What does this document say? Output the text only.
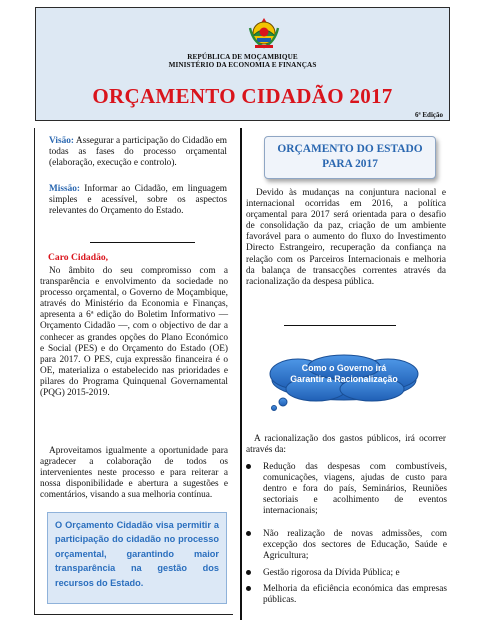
REPÚBLICA DE MOÇAMBIQUE
MINISTÉRIO DA ECONOMIA E FINANÇAS
ORÇAMENTO CIDADÃO 2017
6ª Edição

Visão: Assegurar a participação do Cidadão em todas as fases do processo orçamental (elaboração, execução e controlo).

Missão: Informar ao Cidadão, em linguagem simples e acessível, sobre os aspectos relevantes do Orçamento do Estado.

Caro Cidadão,

No âmbito do seu compromisso com a transparência e envolvimento da sociedade no processo orçamental, o Governo de Moçambique, através do Ministério da Economia e Finanças, apresenta a 6ª edição do Boletim Informativo — Orçamento Cidadão —, com o objectivo de dar a conhecer as grandes opções do Plano Económico e Social (PES) e do Orçamento do Estado (OE) para 2017. O PES, cuja expressão financeira é o OE, materializa o estabelecido nas prioridades e pilares do Programa Quinquenal Governamental (PQG) 2015-2019.

Aproveitamos igualmente a oportunidade para agradecer a colaboração de todos os intervenientes neste processo e para reiterar a nossa disponibilidade e abertura a sugestões e comentários, visando a sua melhoria contínua.

O Orçamento Cidadão visa permitir a participação do cidadão no processo orçamental, garantindo maior transparência na gestão dos recursos do Estado.

ORÇAMENTO DO ESTADO
PARA 2017

Devido às mudanças na conjuntura nacional e internacional ocorridas em 2016, a política orçamental para 2017 será orientada para o desafio de consolidação da paz, criação de um ambiente favorável para o aumento do fluxo do Investimento Directo Estrangeiro, recuperação da confiança na relação com os Parceiros Internacionais e melhoria da balança de transacções correntes através da racionalização da despesa pública.

Como o Governo irá
Garantir a Racionalização

A racionalização dos gastos públicos, irá ocorrer através da:

Redução das despesas com combustíveis, comunicações, viagens, ajudas de custo para dentro e fora do país, Seminários, Reuniões sectoriais e acolhimento de eventos internacionais;

Não realização de novas admissões, com excepção dos sectores de Educação, Saúde e Agricultura;

Gestão rigorosa da Dívida Pública; e

Melhoria da eficiência económica das empresas públicas.
